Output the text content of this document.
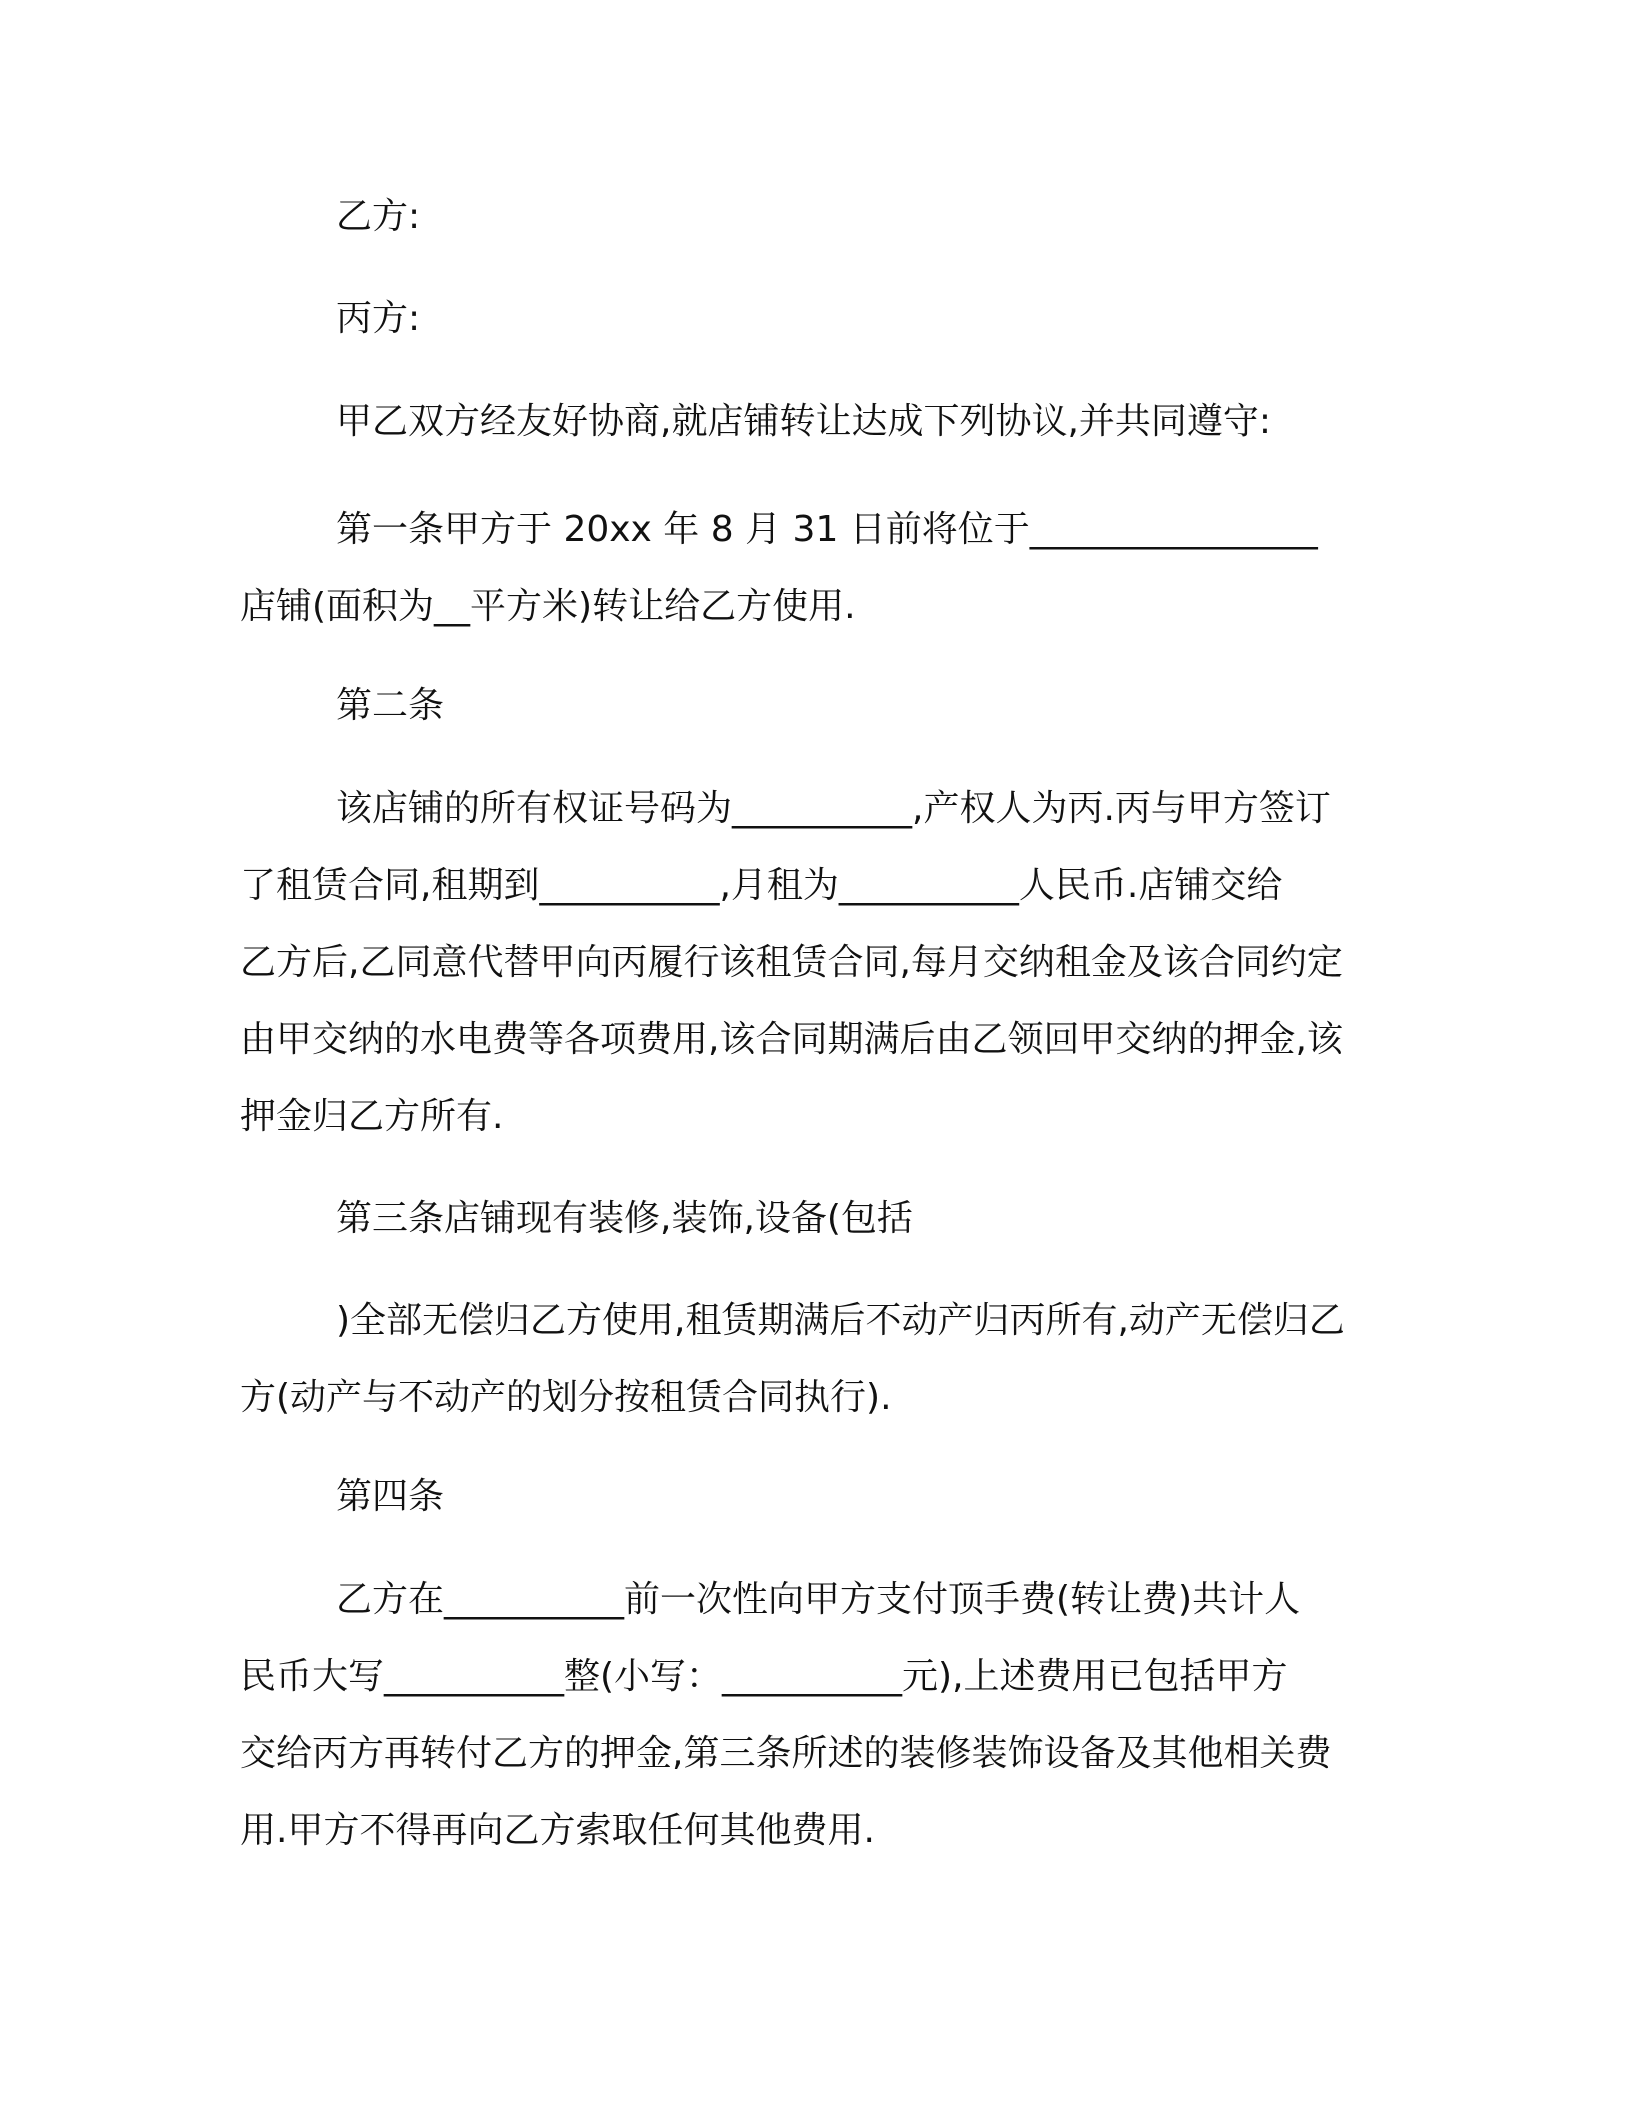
乙方:

丙方:

甲乙双方经友好协商,就店铺转让达成下列协议,并共同遵守:

第一条甲方于 20xx 年 8 月 31 日前将位于________________
店铺(面积为__平方米)转让给乙方使用.

第二条

该店铺的所有权证号码为__________,产权人为丙.丙与甲方签订
了租赁合同,租期到__________,月租为__________人民币.店铺交给
乙方后,乙同意代替甲向丙履行该租赁合同,每月交纳租金及该合同约定
由甲交纳的水电费等各项费用,该合同期满后由乙领回甲交纳的押金,该
押金归乙方所有.

第三条店铺现有装修,装饰,设备(包括

)全部无偿归乙方使用,租赁期满后不动产归丙所有,动产无偿归乙
方(动产与不动产的划分按租赁合同执行).

第四条

乙方在__________前一次性向甲方支付顶手费(转让费)共计人
民币大写__________整(小写：__________元),上述费用已包括甲方
交给丙方再转付乙方的押金,第三条所述的装修装饰设备及其他相关费
用.甲方不得再向乙方索取任何其他费用.
